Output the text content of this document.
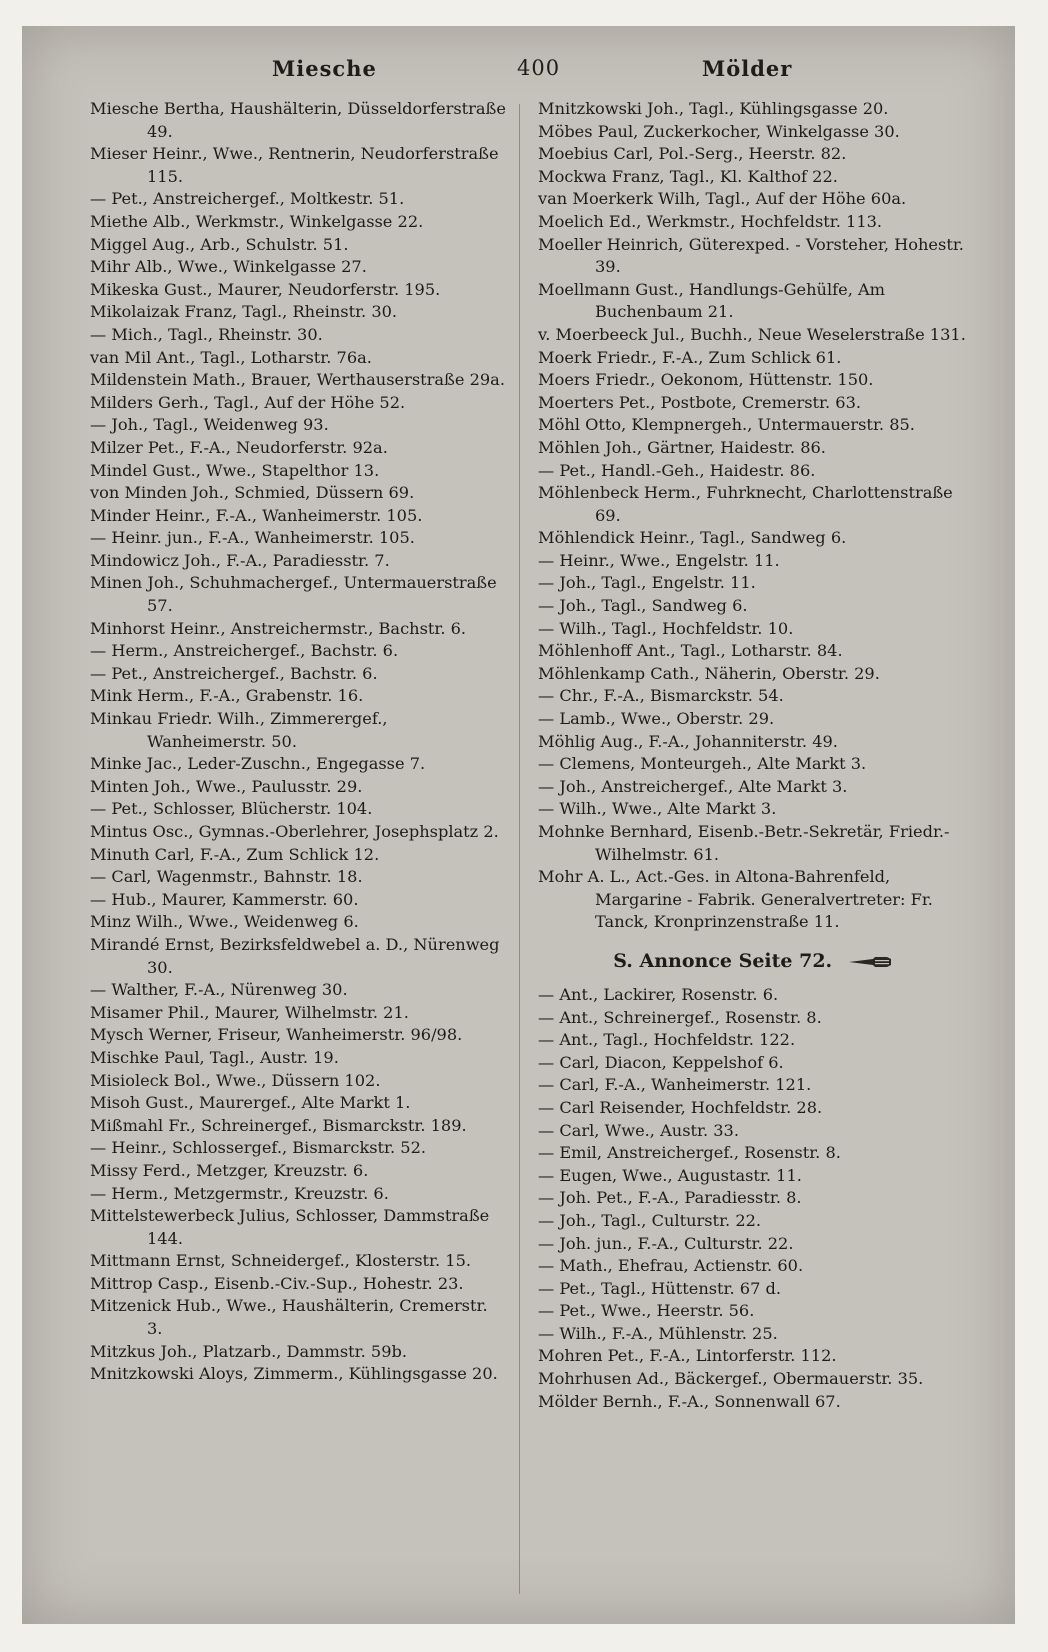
Miesche	400	Mölder
Miesche Bertha, Haushälterin, Düsseldorferstraße 49.
Mieser Heinr., Wwe., Rentnerin, Neudorferstraße 115.
— Pet., Anstreichergef., Moltkestr. 51.
Miethe Alb., Werkmstr., Winkelgasse 22.
Miggel Aug., Arb., Schulstr. 51.
Mihr Alb., Wwe., Winkelgasse 27.
Mikeska Gust., Maurer, Neudorferstr. 195.
Mikolaizak Franz, Tagl., Rheinstr. 30.
— Mich., Tagl., Rheinstr. 30.
van Mil Ant., Tagl., Lotharstr. 76a.
Mildenstein Math., Brauer, Werthauserstraße 29a.
Milders Gerh., Tagl., Auf der Höhe 52.
— Joh., Tagl., Weidenweg 93.
Milzer Pet., F.-A., Neudorferstr. 92a.
Mindel Gust., Wwe., Stapelthor 13.
von Minden Joh., Schmied, Düssern 69.
Minder Heinr., F.-A., Wanheimerstr. 105.
— Heinr. jun., F.-A., Wanheimerstr. 105.
Mindowicz Joh., F.-A., Paradiesstr. 7.
Minen Joh., Schuhmachergef., Untermauerstraße 57.
Minhorst Heinr., Anstreichermstr., Bachstr. 6.
— Herm., Anstreichergef., Bachstr. 6.
— Pet., Anstreichergef., Bachstr. 6.
Mink Herm., F.-A., Grabenstr. 16.
Minkau Friedr. Wilh., Zimmerergef., Wanheimerstr. 50.
Minke Jac., Leder-Zuschn., Engegasse 7.
Minten Joh., Wwe., Paulusstr. 29.
— Pet., Schlosser, Blücherstr. 104.
Mintus Osc., Gymnas.-Oberlehrer, Josephsplatz 2.
Minuth Carl, F.-A., Zum Schlick 12.
— Carl, Wagenmstr., Bahnstr. 18.
— Hub., Maurer, Kammerstr. 60.
Minz Wilh., Wwe., Weidenweg 6.
Mirandé Ernst, Bezirksfeldwebel a. D., Nürenweg 30.
— Walther, F.-A., Nürenweg 30.
Misamer Phil., Maurer, Wilhelmstr. 21.
Mysch Werner, Friseur, Wanheimerstr. 96/98.
Mischke Paul, Tagl., Austr. 19.
Misioleck Bol., Wwe., Düssern 102.
Misoh Gust., Maurergef., Alte Markt 1.
Mißmahl Fr., Schreinergef., Bismarckstr. 189.
— Heinr., Schlossergef., Bismarckstr. 52.
Missy Ferd., Metzger, Kreuzstr. 6.
— Herm., Metzgermstr., Kreuzstr. 6.
Mittelstewerbeck Julius, Schlosser, Dammstraße 144.
Mittmann Ernst, Schneidergef., Klosterstr. 15.
Mittrop Casp., Eisenb.-Civ.-Sup., Hohestr. 23.
Mitzenick Hub., Wwe., Haushälterin, Cremerstr. 3.
Mitzkus Joh., Platzarb., Dammstr. 59b.
Mnitzkowski Aloys, Zimmerm., Kühlingsgasse 20.
Mnitzkowski Joh., Tagl., Kühlingsgasse 20.
Möbes Paul, Zuckerkocher, Winkelgasse 30.
Moebius Carl, Pol.-Serg., Heerstr. 82.
Mockwa Franz, Tagl., Kl. Kalthof 22.
van Moerkerk Wilh, Tagl., Auf der Höhe 60a.
Moelich Ed., Werkmstr., Hochfeldstr. 113.
Moeller Heinrich, Güterexped. - Vorsteher, Hohestr. 39.
Moellmann Gust., Handlungs-Gehülfe, Am Buchenbaum 21.
v. Moerbeeck Jul., Buchh., Neue Weselerstraße 131.
Moerk Friedr., F.-A., Zum Schlick 61.
Moers Friedr., Oekonom, Hüttenstr. 150.
Moerters Pet., Postbote, Cremerstr. 63.
Möhl Otto, Klempnergeh., Untermauerstr. 85.
Möhlen Joh., Gärtner, Haidestr. 86.
— Pet., Handl.-Geh., Haidestr. 86.
Möhlenbeck Herm., Fuhrknecht, Charlottenstraße 69.
Möhlendick Heinr., Tagl., Sandweg 6.
— Heinr., Wwe., Engelstr. 11.
— Joh., Tagl., Engelstr. 11.
— Joh., Tagl., Sandweg 6.
— Wilh., Tagl., Hochfeldstr. 10.
Möhlenhoff Ant., Tagl., Lotharstr. 84.
Möhlenkamp Cath., Näherin, Oberstr. 29.
— Chr., F.-A., Bismarckstr. 54.
— Lamb., Wwe., Oberstr. 29.
Möhlig Aug., F.-A., Johanniterstr. 49.
— Clemens, Monteurgeh., Alte Markt 3.
— Joh., Anstreichergef., Alte Markt 3.
— Wilh., Wwe., Alte Markt 3.
Mohnke Bernhard, Eisenb.-Betr.-Sekretär, Friedr.-Wilhelmstr. 61.
Mohr A. L., Act.-Ges. in Altona-Bahrenfeld, Margarine - Fabrik. Generalvertreter: Fr. Tanck, Kronprinzenstraße 11.
S. Annonce Seite 72.
— Ant., Lackirer, Rosenstr. 6.
— Ant., Schreinergef., Rosenstr. 8.
— Ant., Tagl., Hochfeldstr. 122.
— Carl, Diacon, Keppelshof 6.
— Carl, F.-A., Wanheimerstr. 121.
— Carl Reisender, Hochfeldstr. 28.
— Carl, Wwe., Austr. 33.
— Emil, Anstreichergef., Rosenstr. 8.
— Eugen, Wwe., Augustastr. 11.
— Joh. Pet., F.-A., Paradiesstr. 8.
— Joh., Tagl., Culturstr. 22.
— Joh. jun., F.-A., Culturstr. 22.
— Math., Ehefrau, Actienstr. 60.
— Pet., Tagl., Hüttenstr. 67 d.
— Pet., Wwe., Heerstr. 56.
— Wilh., F.-A., Mühlenstr. 25.
Mohren Pet., F.-A., Lintorferstr. 112.
Mohrhusen Ad., Bäckergef., Obermauerstr. 35.
Mölder Bernh., F.-A., Sonnenwall 67.
